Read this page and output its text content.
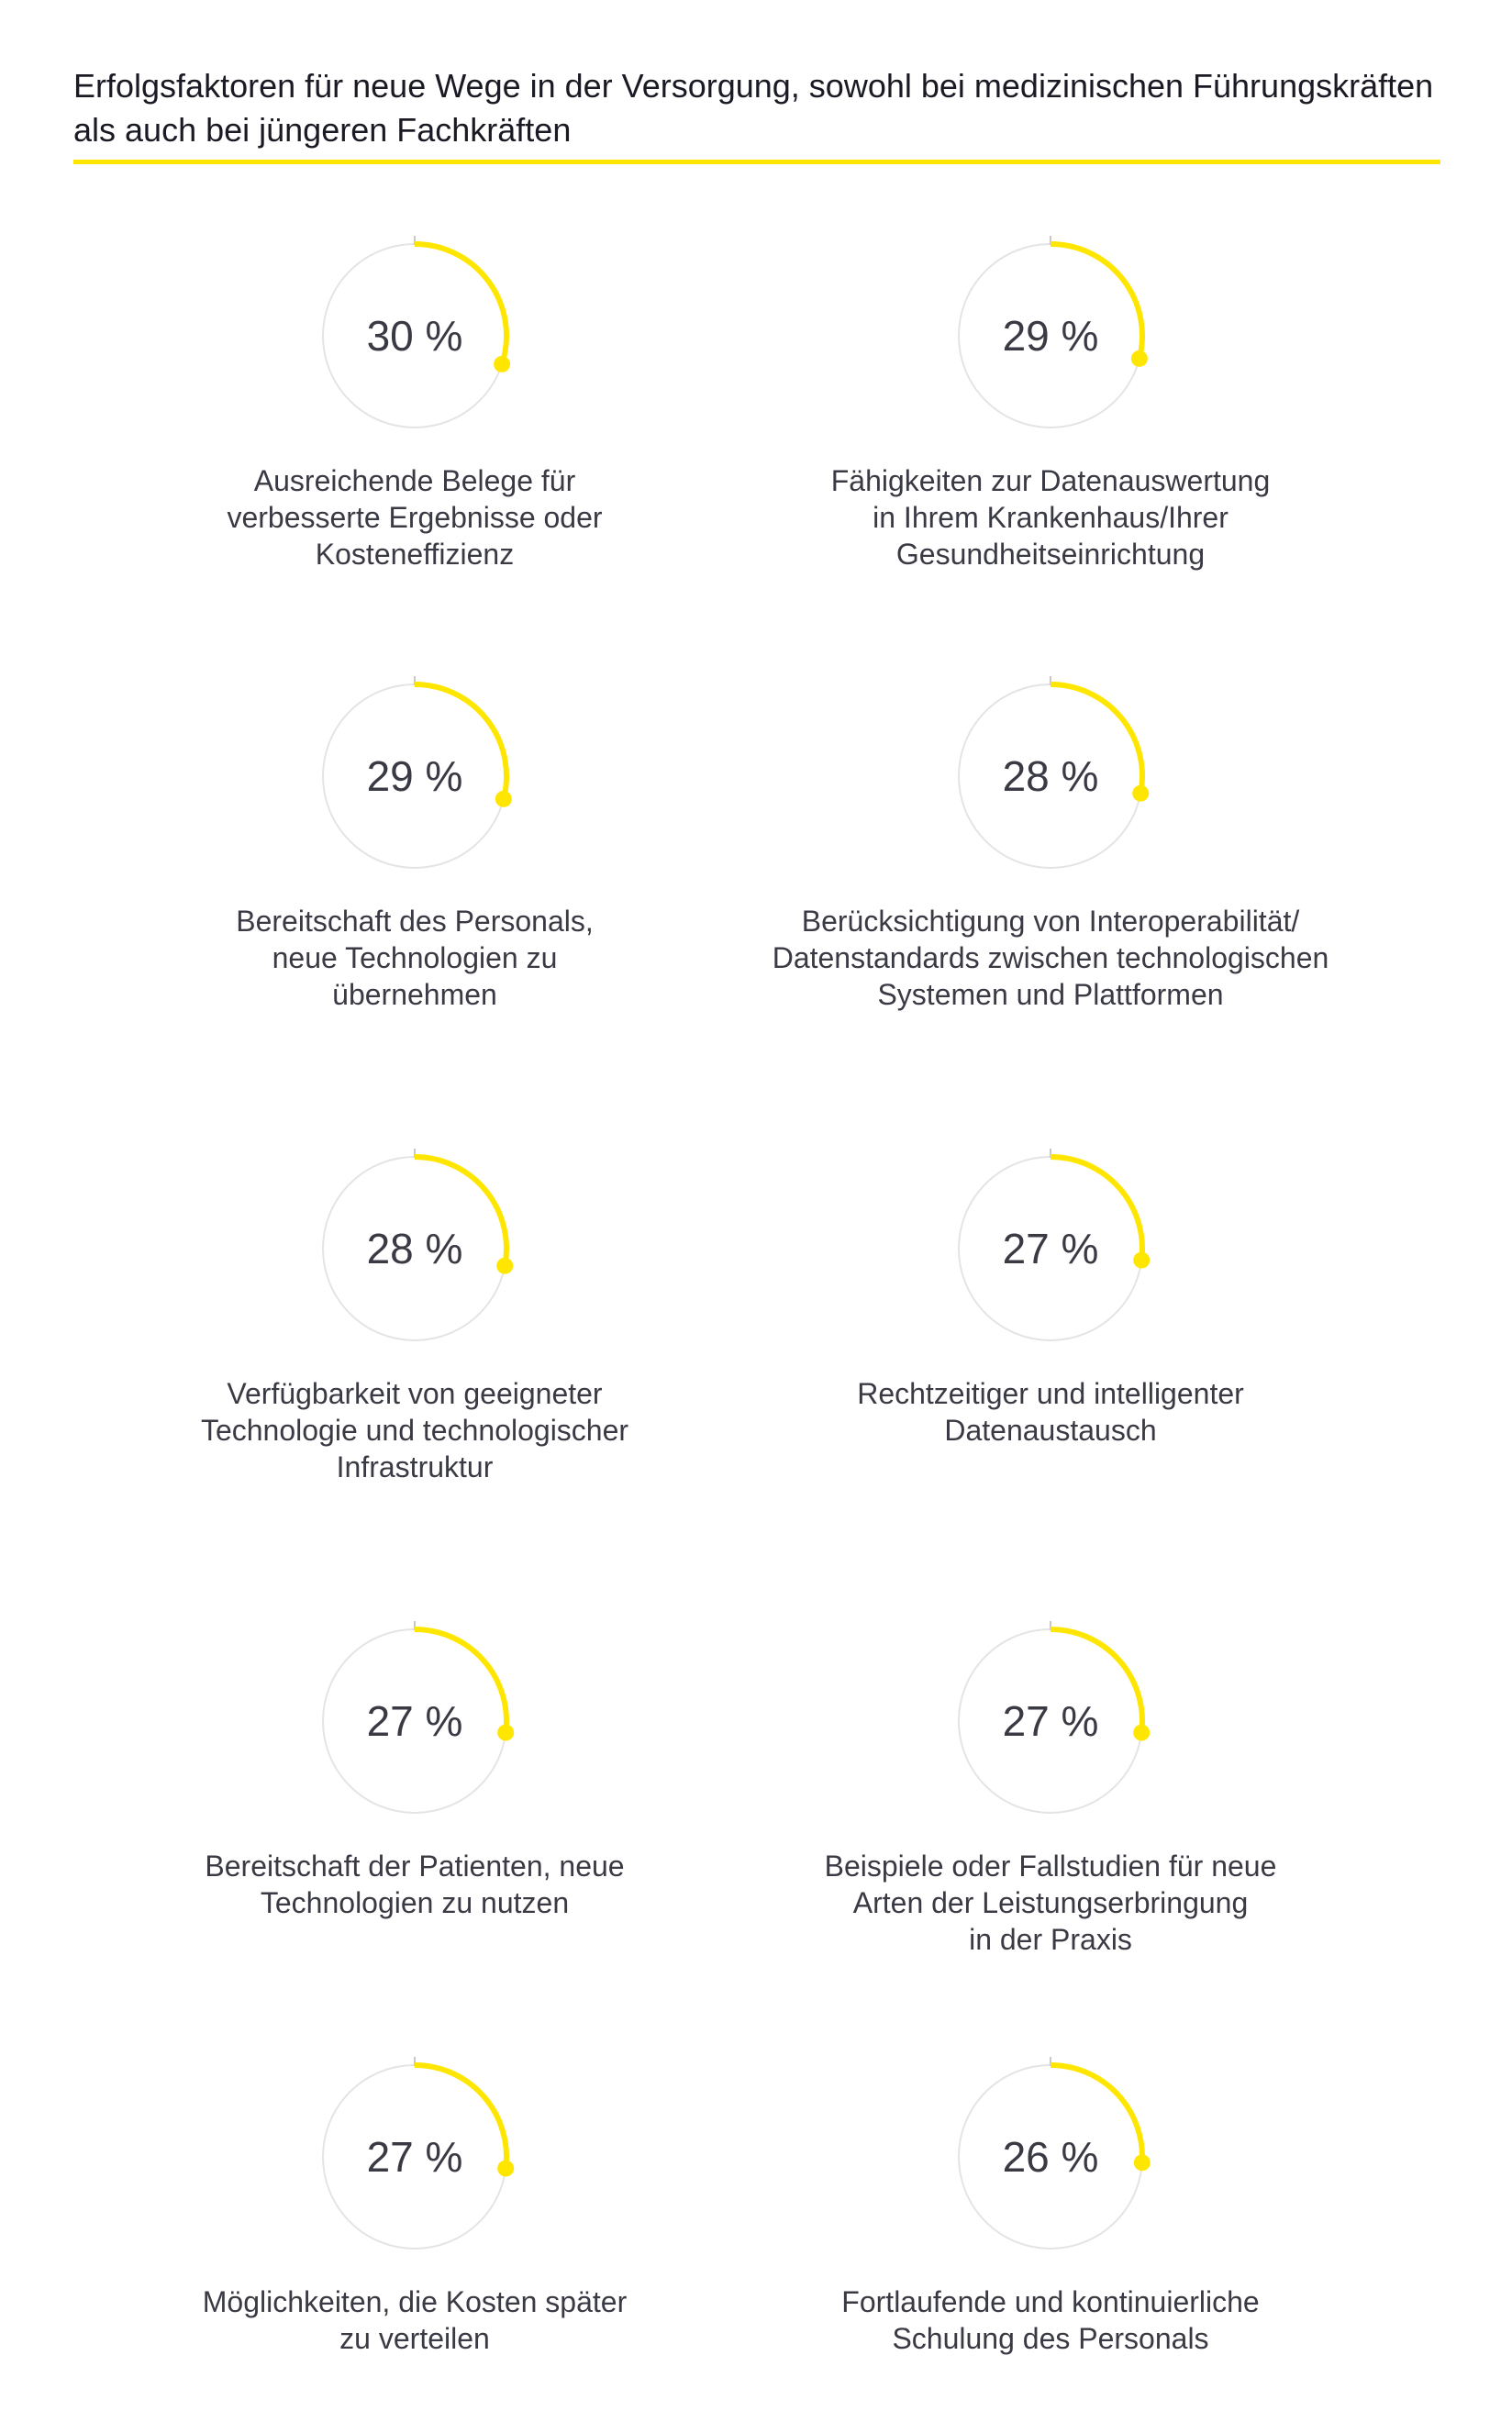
Erfolgsfaktoren für neue Wege in der Versorgung, sowohl bei medizinischen Führungskräften als auch bei jüngeren Fachkräften
30 %
Ausreichende Belege für
verbesserte Ergebnisse oder
Kosteneffizienz
29 %
Fähigkeiten zur Datenauswertung
in Ihrem Krankenhaus/Ihrer
Gesundheitseinrichtung
29 %
Bereitschaft des Personals,
neue Technologien zu
übernehmen
28 %
Berücksichtigung von Interoperabilität/
Datenstandards zwischen technologischen
Systemen und Plattformen
28 %
Verfügbarkeit von geeigneter
Technologie und technologischer
Infrastruktur
27 %
Rechtzeitiger und intelligenter
Datenaustausch
27 %
Bereitschaft der Patienten, neue
Technologien zu nutzen
27 %
Beispiele oder Fallstudien für neue
Arten der Leistungserbringung
in der Praxis
27 %
Möglichkeiten, die Kosten später
zu verteilen
26 %
Fortlaufende und kontinuierliche
Schulung des Personals
